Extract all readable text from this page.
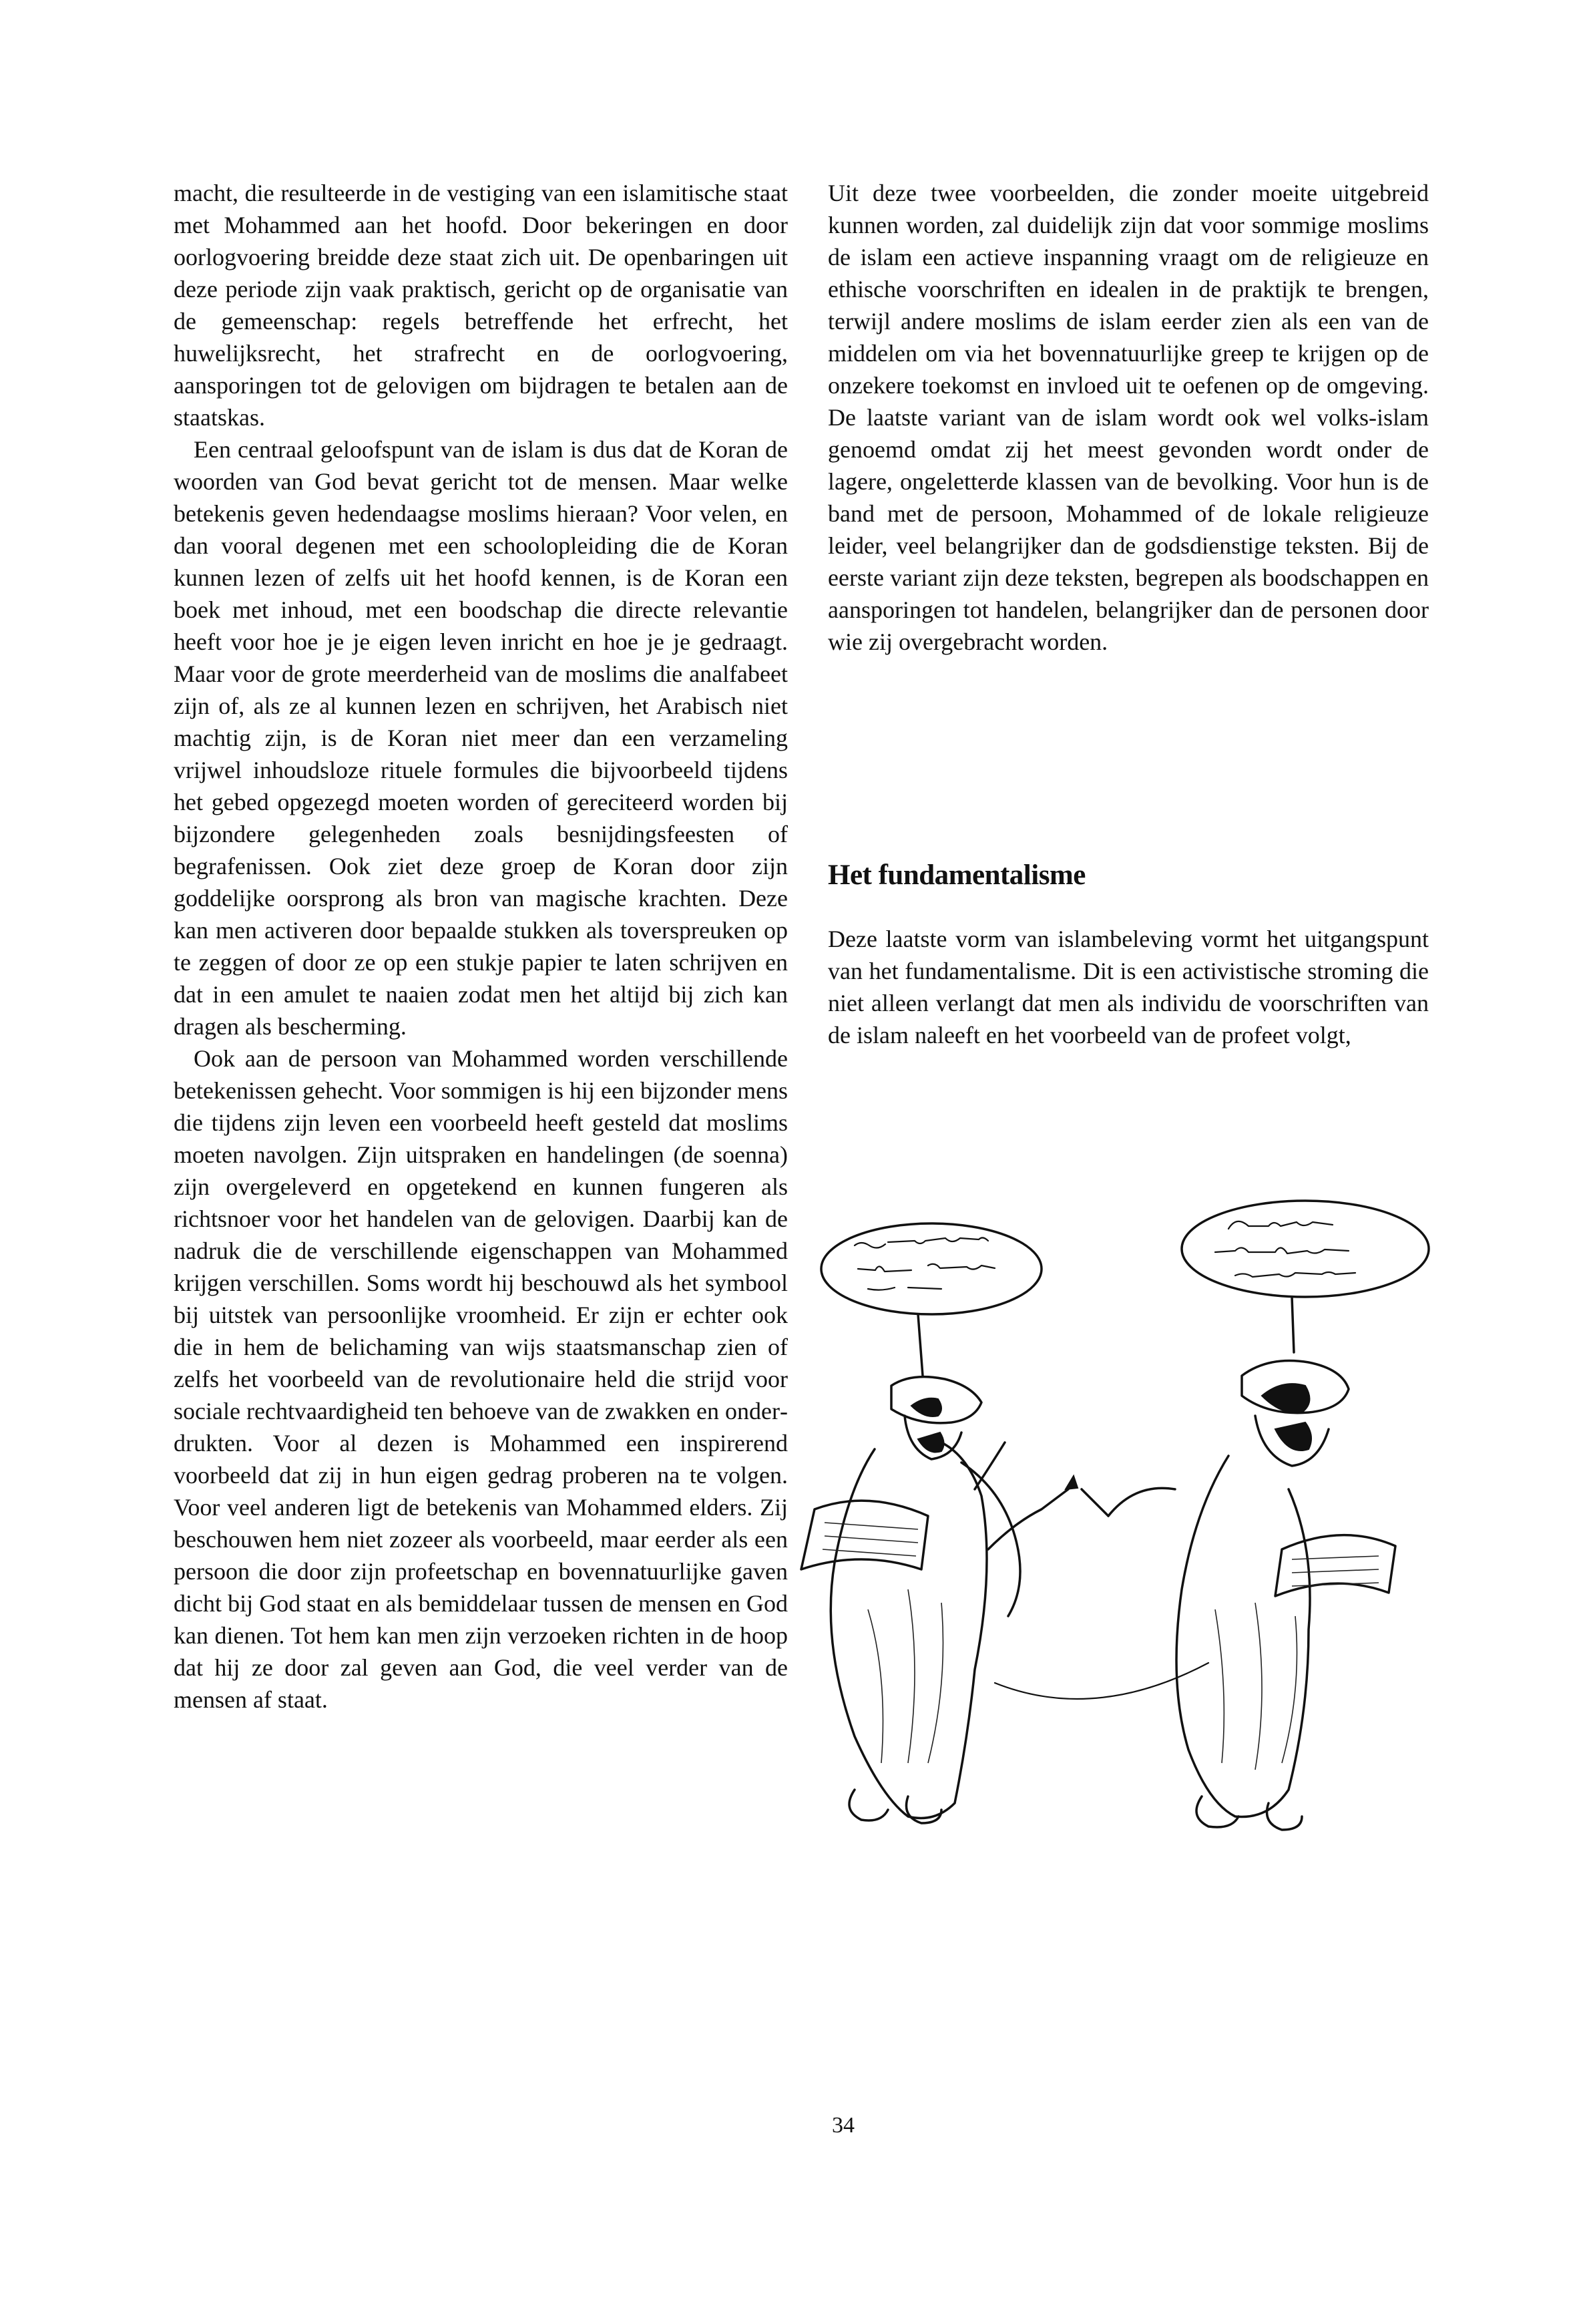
macht, die resulteerde in de vestiging van een islamitische staat met Mohammed aan het hoofd. Door bekeringen en door oorlogvoering breidde deze staat zich uit. De openbaringen uit deze periode zijn vaak praktisch, gericht op de organisatie van de gemeenschap: regels betreffende het erfrecht, het huwelijksrecht, het strafrecht en de oorlogvoering, aansporingen tot de gelovigen om bijdragen te betalen aan de staatskas.

Een centraal geloofspunt van de islam is dus dat de Koran de woorden van God bevat gericht tot de mensen. Maar welke betekenis geven hedendaagse moslims hieraan? Voor velen, en dan vooral degenen met een schoolopleiding die de Koran kunnen lezen of zelfs uit het hoofd kennen, is de Koran een boek met inhoud, met een boodschap die directe relevantie heeft voor hoe je je eigen leven inricht en hoe je je gedraagt. Maar voor de grote meerderheid van de moslims die analfabeet zijn of, als ze al kunnen lezen en schrijven, het Arabisch niet machtig zijn, is de Koran niet meer dan een verzameling vrijwel inhoudsloze rituele formules die bijvoorbeeld tijdens het gebed opgezegd moeten worden of gereciteerd worden bij bijzondere gelegenheden zoals besnijdingsfeesten of begrafenissen. Ook ziet deze groep de Koran door zijn goddelijke oorsprong als bron van magische krachten. Deze kan men activeren door bepaalde stukken als toverspreuken op te zeggen of door ze op een stukje papier te laten schrijven en dat in een amulet te naaien zodat men het altijd bij zich kan dragen als bescherming.

Ook aan de persoon van Mohammed worden verschillende betekenissen gehecht. Voor sommigen is hij een bijzonder mens die tijdens zijn leven een voorbeeld heeft gesteld dat moslims moeten navolgen. Zijn uitspraken en handelingen (de soenna) zijn overgeleverd en opgetekend en kunnen fungeren als richtsnoer voor het handelen van de gelovigen. Daarbij kan de nadruk die de verschillende eigenschappen van Mohammed krijgen verschillen. Soms wordt hij beschouwd als het symbool bij uitstek van persoonlijke vroomheid. Er zijn er echter ook die in hem de belichaming van wijs staatsmanschap zien of zelfs het voorbeeld van de revolutionaire held die strijd voor sociale rechtvaardigheid ten behoeve van de zwakken en onderdrukten. Voor al dezen is Mohammed een inspirerend voorbeeld dat zij in hun eigen gedrag proberen na te volgen. Voor veel anderen ligt de betekenis van Mohammed elders. Zij beschouwen hem niet zozeer als voorbeeld, maar eerder als een persoon die door zijn profeetschap en bovennatuurlijke gaven dicht bij God staat en als bemiddelaar tussen de mensen en God kan dienen. Tot hem kan men zijn verzoeken richten in de hoop dat hij ze door zal geven aan God, die veel verder van de mensen af staat.

Uit deze twee voorbeelden, die zonder moeite uitgebreid kunnen worden, zal duidelijk zijn dat voor sommige moslims de islam een actieve inspanning vraagt om de religieuze en ethische voorschriften en idealen in de praktijk te brengen, terwijl andere moslims de islam eerder zien als een van de middelen om via het bovennatuurlijke greep te krijgen op de onzekere toekomst en invloed uit te oefenen op de omgeving. De laatste variant van de islam wordt ook wel volks-islam genoemd omdat zij het meest gevonden wordt onder de lagere, ongeletterde klassen van de bevolking. Voor hun is de band met de persoon, Mohammed of de lokale religieuze leider, veel belangrijker dan de godsdienstige teksten. Bij de eerste variant zijn deze teksten, begrepen als boodschappen en aansporingen tot handelen, belangrijker dan de personen door wie zij overgebracht worden.

Het fundamentalisme

Deze laatste vorm van islambeleving vormt het uitgangspunt van het fundamentalisme. Dit is een activistische stroming die niet alleen verlangt dat men als individu de voorschriften van de islam naleeft en het voorbeeld van de profeet volgt,

34
